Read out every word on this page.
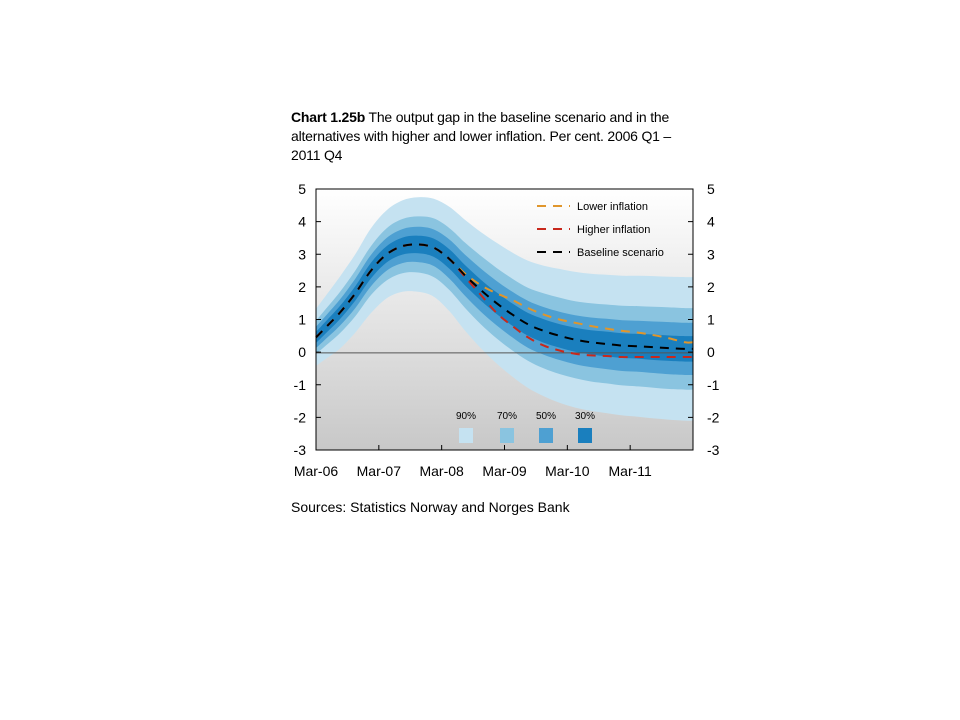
Chart 1.25b The output gap in the baseline scenario and in the alternatives with higher and lower inflation. Per cent. 2006 Q1 – 2011 Q4
5	5
4	4
3	3
2	2
1	1
0	0
-1	-1
-2	-2
-3	-3
Mar-06 Mar-07 Mar-08 Mar-09 Mar-10 Mar-11
Lower inflation
Higher inflation
Baseline scenario
90% 70% 50% 30%
Sources: Statistics Norway and Norges Bank
